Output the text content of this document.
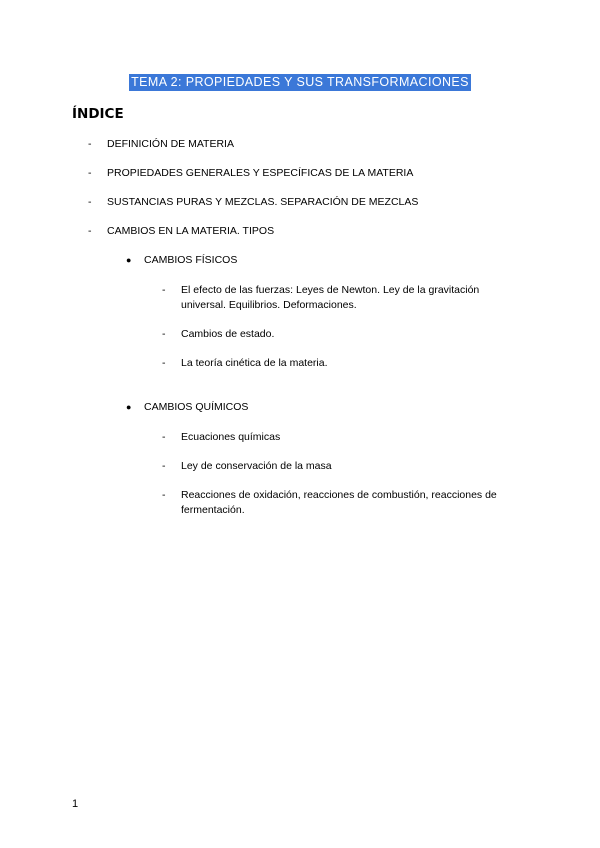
TEMA 2: PROPIEDADES Y SUS TRANSFORMACIONES
ÍNDICE
- DEFINICIÓN DE MATERIA
- PROPIEDADES GENERALES Y ESPECÍFICAS DE LA MATERIA
- SUSTANCIAS PURAS Y MEZCLAS. SEPARACIÓN DE MEZCLAS
- CAMBIOS EN LA MATERIA. TIPOS
● CAMBIOS FÍSICOS
- El efecto de las fuerzas: Leyes de Newton. Ley de la gravitación
universal. Equilibrios. Deformaciones.
- Cambios de estado.
- La teoría cinética de la materia.
● CAMBIOS QUÍMICOS
- Ecuaciones químicas
- Ley de conservación de la masa
- Reacciones de oxidación, reacciones de combustión, reacciones de
fermentación.
1
